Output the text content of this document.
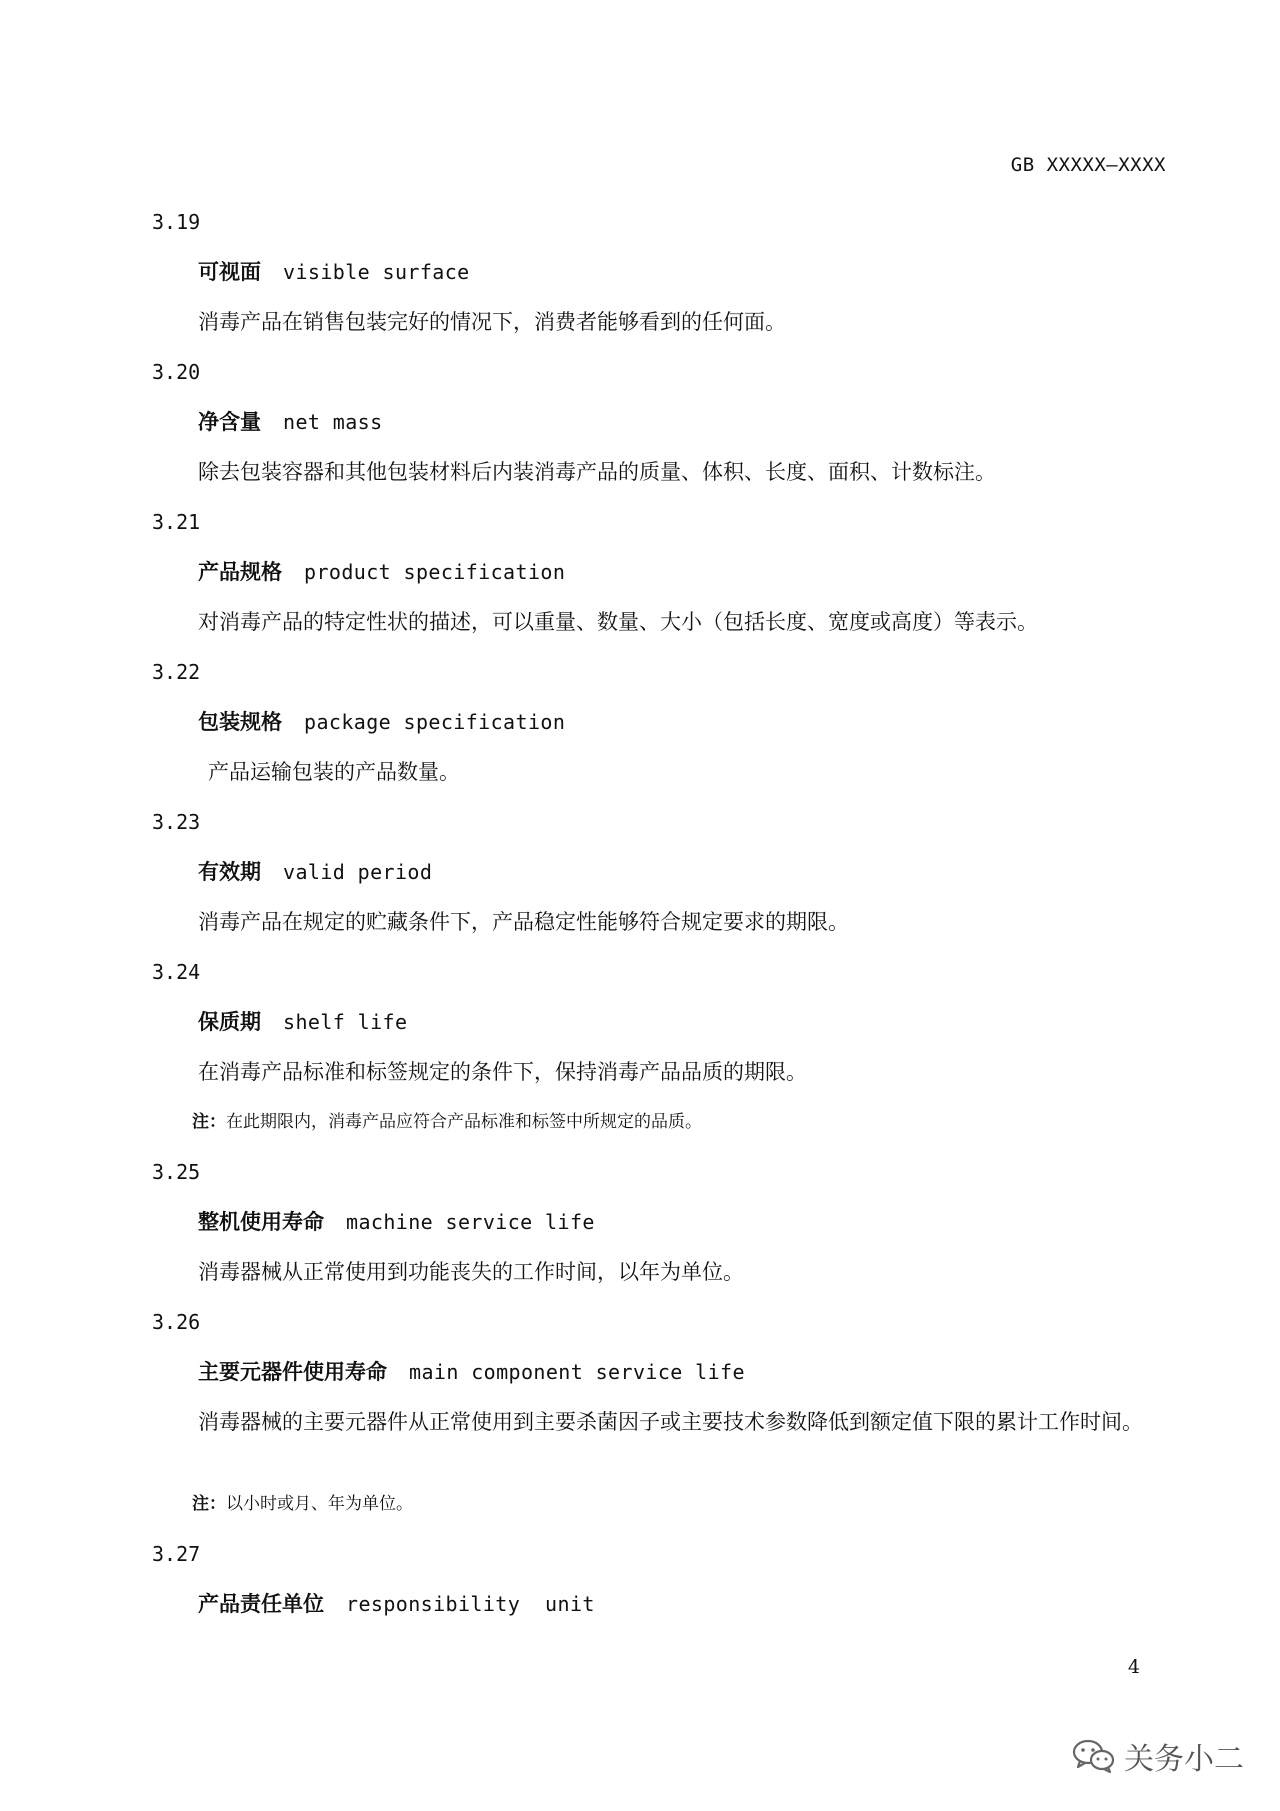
GB XXXXX—XXXX
3.19
可视面 visible surface

消毒产品在销售包装完好的情况下，消费者能够看到的任何面。

3.20
净含量 net mass

除去包装容器和其他包装材料后内装消毒产品的质量、体积、长度、面积、计数标注。

3.21
产品规格 product specification

对消毒产品的特定性状的描述，可以重量、数量、大小（包括长度、宽度或高度）等表示。

3.22
包装规格 package specification

产品运输包装的产品数量。

3.23
有效期 valid period

消毒产品在规定的贮藏条件下，产品稳定性能够符合规定要求的期限。

3.24
保质期 shelf life

在消毒产品标准和标签规定的条件下，保持消毒产品品质的期限。

注：在此期限内，消毒产品应符合产品标准和标签中所规定的品质。
3.25
整机使用寿命 machine service life

消毒器械从正常使用到功能丧失的工作时间，以年为单位。

3.26
主要元器件使用寿命 main component service life

消毒器械的主要元器件从正常使用到主要杀菌因子或主要技术参数降低到额定值下限的累计工作时间。

注：以小时或月、年为单位。
3.27
产品责任单位 responsibility  unit
4
关务小二
